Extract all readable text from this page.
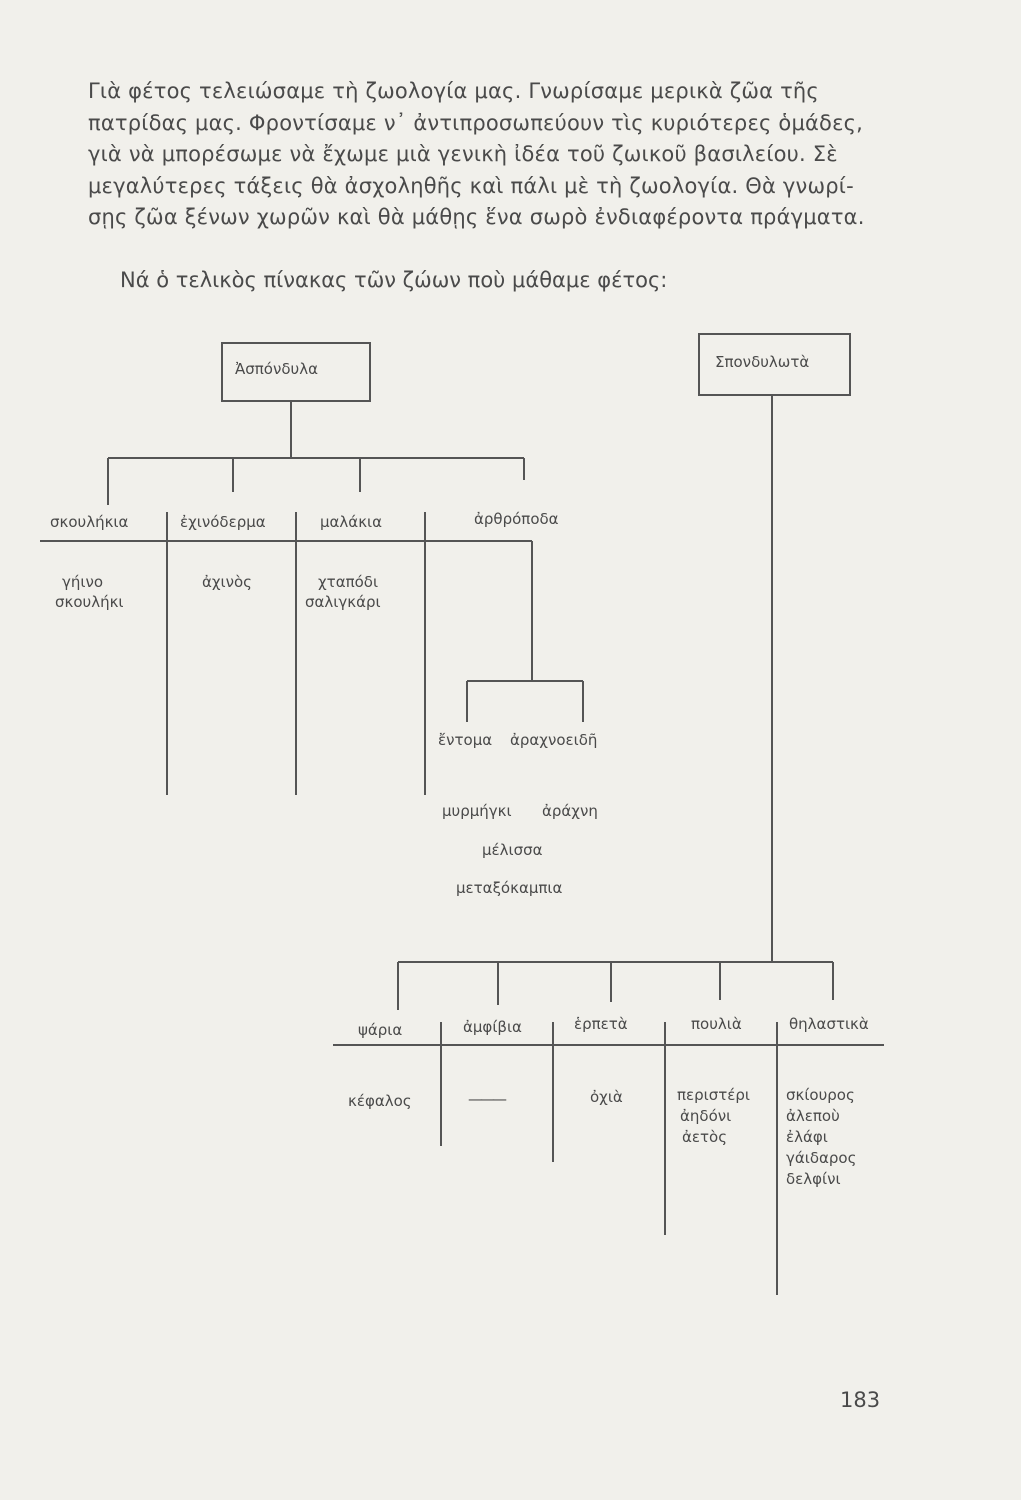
Γιὰ φέτος τελειώσαμε τὴ ζωολογία μας. Γνωρίσαμε μερικὰ ζῶα τῆς

πατρίδας μας. Φροντίσαμε ν᾽ ἀντιπροσωπεύουν τὶς κυριότερες ὁμάδες,

γιὰ νὰ μπορέσωμε νὰ ἔχωμε μιὰ γενικὴ ἰδέα τοῦ ζωικοῦ βασιλείου. Σὲ

μεγαλύτερες τάξεις θὰ ἀσχοληθῆς καὶ πάλι μὲ τὴ ζωολογία. Θὰ γνωρί-

σῃς ζῶα ξένων χωρῶν καὶ θὰ μάθῃς ἕνα σωρὸ ἐνδιαφέροντα πράγματα.

Νά ὁ τελικὸς πίνακας τῶν ζώων ποὺ μάθαμε φέτος:
Ἀσπόνδυλα	Σπονδυλωτὰ
σκουλήκια	ἐχινόδερμα	μαλάκια	ἀρθρόποδα
γήινο
σκουλήκι
ἀχινὸς	χταπόδι
σαλιγκάρι
ἔντομα ἀραχνοειδῆ
μυρμήγκι ἀράχνη
μέλισσα
μεταξόκαμπια
ψάρια	ἀμφίβια	ἑρπετὰ	πουλιὰ	θηλαστικὰ
κέφαλος	———	ὀχιὰ	περιστέρι
ἀηδόνι
ἀετὸς
σκίουρος
ἀλεποὺ
ἐλάφι
γάιδαρος
δελφίνι
183
